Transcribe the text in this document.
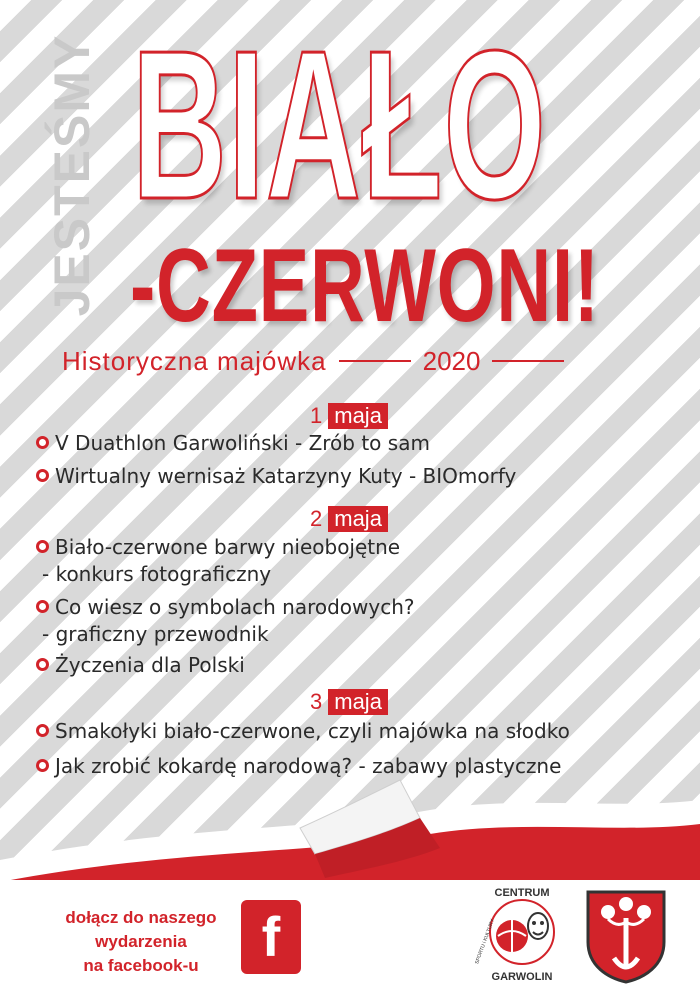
JESTEŚMY BIAŁO
-CZERWONI!
Historyczna majówka	2020
1 maja
V Duathlon Garwoliński - Zrób to sam
Wirtualny wernisaż Katarzyny Kuty - BIOmorfy
2 maja
Biało-czerwone barwy nieobojętne
- konkurs fotograficzny
Co wiesz o symbolach narodowych?
- graficzny przewodnik
Życzenia dla Polski
3 maja
Smakołyki biało-czerwone, czyli majówka na słodko
Jak zrobić kokardę narodową? - zabawy plastyczne
dołącz do naszego
wydarzenia
na facebook-u	f
CENTRUM
SPORTU i KULTURY
GARWOLIN
